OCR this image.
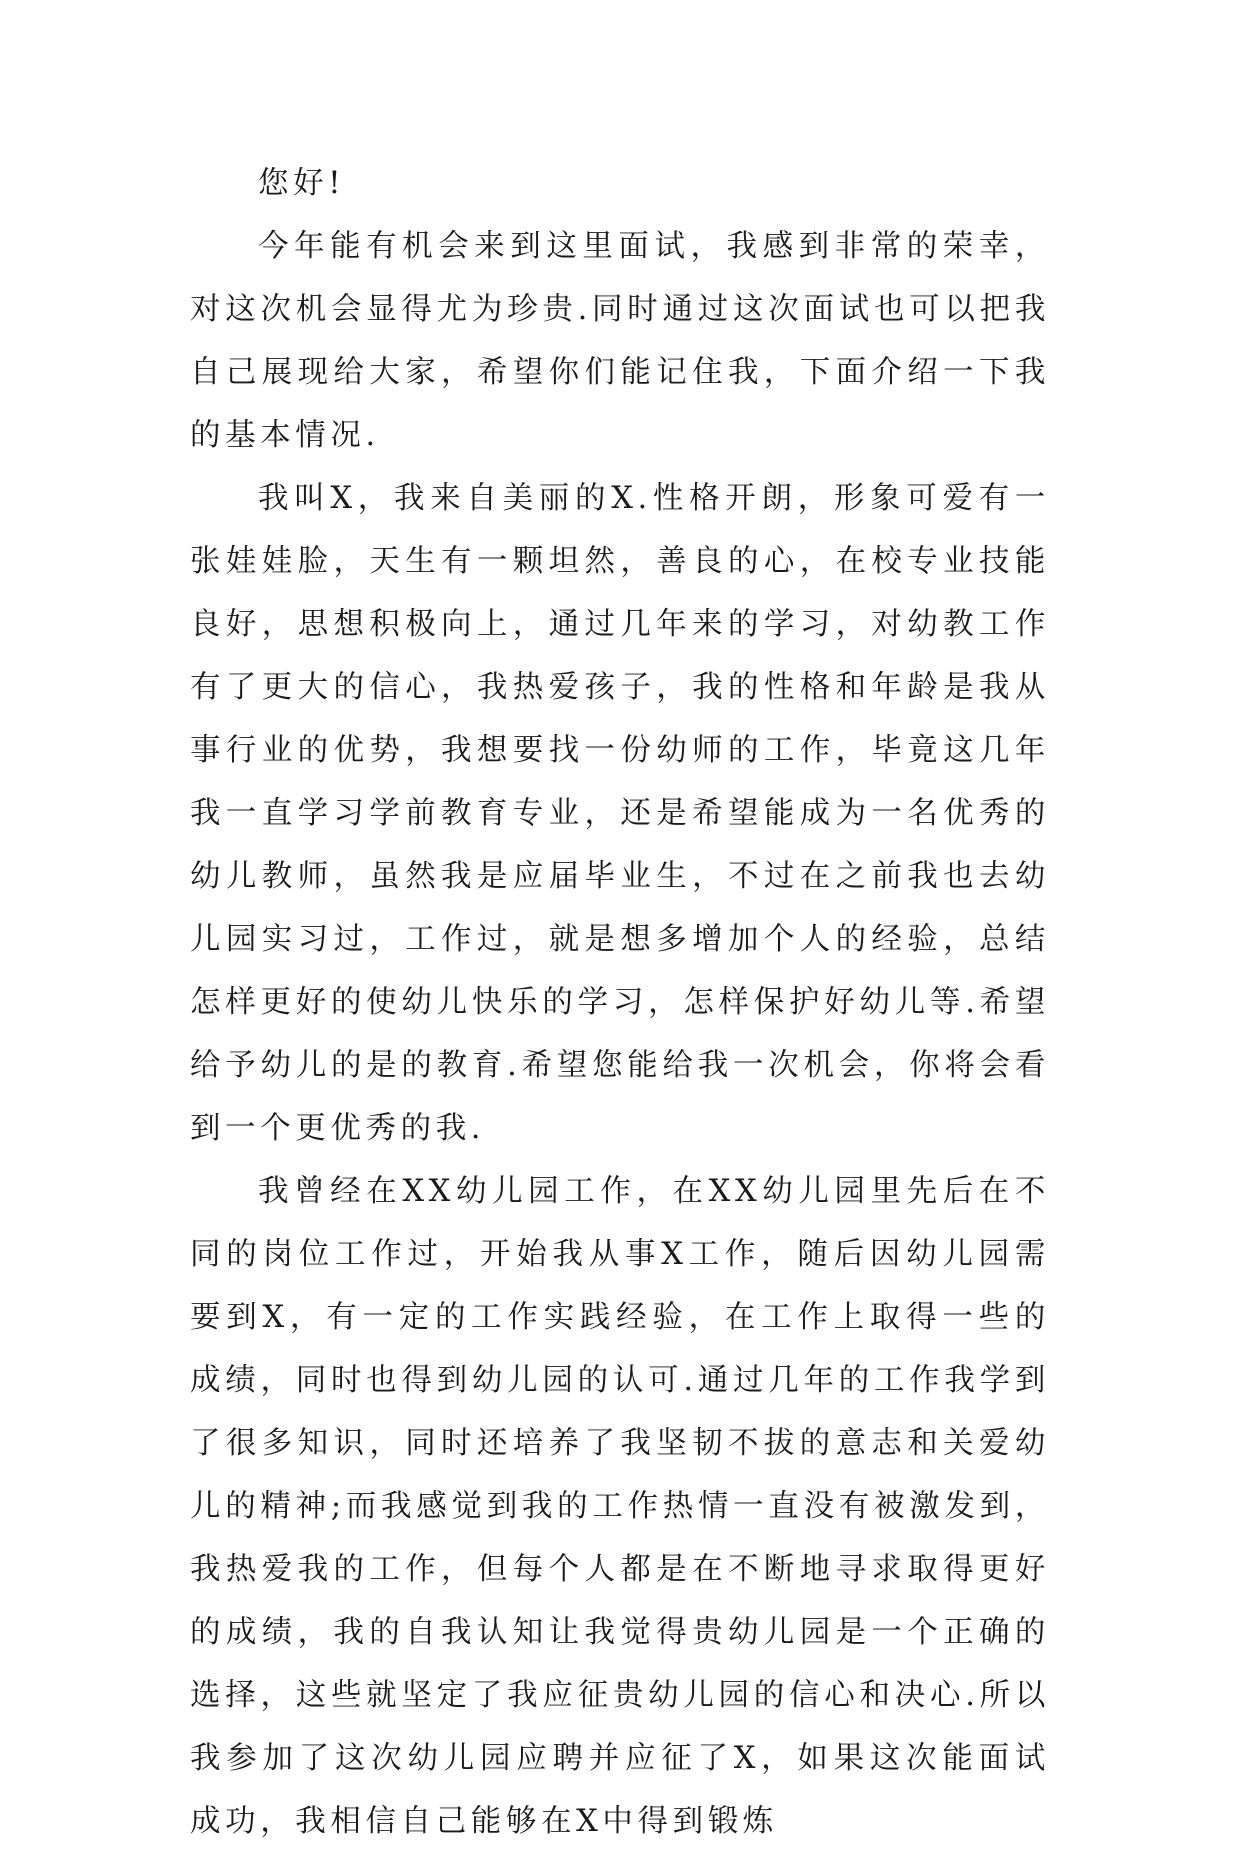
您好!

今年能有机会来到这里面试，我感到非常的荣幸，对这次机会显得尤为珍贵.同时通过这次面试也可以把我自己展现给大家，希望你们能记住我，下面介绍一下我的基本情况.

我叫X，我来自美丽的X.性格开朗，形象可爱有一张娃娃脸，天生有一颗坦然，善良的心，在校专业技能良好，思想积极向上，通过几年来的学习，对幼教工作有了更大的信心，我热爱孩子，我的性格和年龄是我从事行业的优势，我想要找一份幼师的工作，毕竟这几年我一直学习学前教育专业，还是希望能成为一名优秀的幼儿教师，虽然我是应届毕业生，不过在之前我也去幼儿园实习过，工作过，就是想多增加个人的经验，总结怎样更好的使幼儿快乐的学习，怎样保护好幼儿等.希望给予幼儿的是的教育.希望您能给我一次机会，你将会看到一个更优秀的我.

我曾经在XX幼儿园工作，在XX幼儿园里先后在不同的岗位工作过，开始我从事X工作，随后因幼儿园需要到X，有一定的工作实践经验，在工作上取得一些的成绩，同时也得到幼儿园的认可.通过几年的工作我学到了很多知识，同时还培养了我坚韧不拔的意志和关爱幼儿的精神;而我感觉到我的工作热情一直没有被激发到，我热爱我的工作，但每个人都是在不断地寻求取得更好的成绩，我的自我认知让我觉得贵幼儿园是一个正确的选择，这些就坚定了我应征贵幼儿园的信心和决心.所以我参加了这次幼儿园应聘并应征了X，如果这次能面试成功，我相信自己能够在X中得到锻炼
